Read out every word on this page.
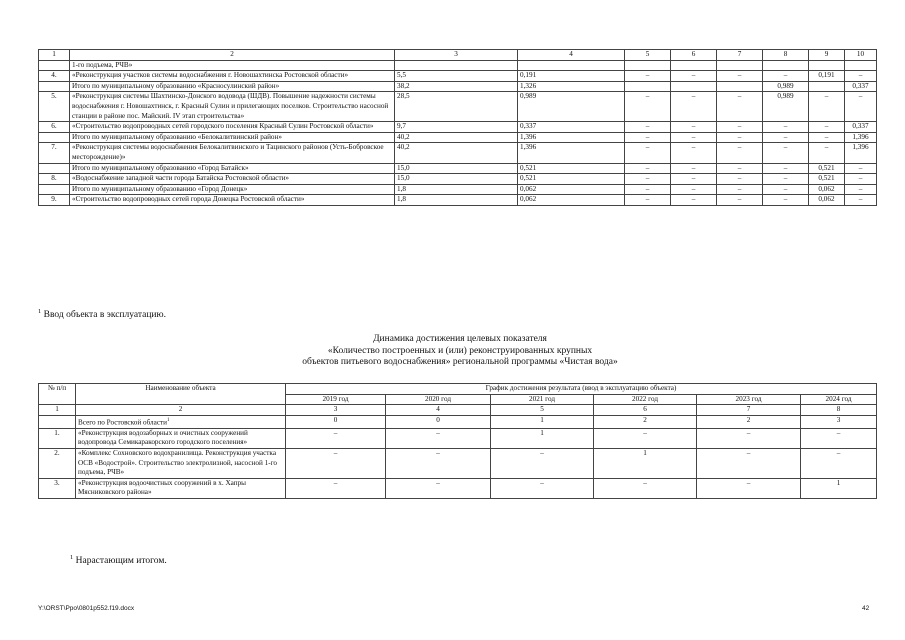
1	2	3	4	5	6	7	8	9	10
	1-го подъема, РЧВ»								
4.	«Реконструкция участков системы водоснабжения г. Новошахтинска Ростовской области»	5,5	0,191	–	–	–	–	0,191	–
	Итого по муниципальному образованию «Красносулинский район»	38,2	1,326				0,989		0,337
5.	«Реконструкция системы Шахтинско-Донского водовода (ШДВ). Повышение надежности системы водоснабжения г. Новошахтинск, г. Красный Сулин и прилегающих поселков. Строительство насосной станции в районе пос. Майский. IV этап строительства»	28,5	0,989	–	–	–	0,989	–	–
6.	«Строительство водопроводных сетей городского поселения Красный Сулин Ростовской области»	9,7	0,337	–	–	–	–	–	0,337
	Итого по муниципальному образованию «Белокалитвинский район»	40,2	1,396	–	–	–	–	–	1,396
7.	«Реконструкция системы водоснабжения Белокалитвинского и Тацинского районов (Усть-Бобровское месторождение)»	40,2	1,396	–	–	–	–	–	1,396
	Итого по муниципальному образованию «Город Батайск»	15,0	0,521	–	–	–	–	0,521	–
8.	«Водоснабжение западной части города Батайска Ростовской области»	15,0	0,521	–	–	–	–	0,521	–
	Итого по муниципальному образованию «Город Донецк»	1,8	0,062	–	–	–	–	0,062	–
9.	«Строительство водопроводных сетей города Донецка Ростовской области»	1,8	0,062	–	–	–	–	0,062	–
$^1$ Ввод объекта в эксплуатацию.
Динамика достижения целевых показателя
«Количество построенных и (или) реконструированных крупных
объектов питьевого водоснабжения» региональной программы «Чистая вода»
№ п/п	Наименование объекта	График достижения результата (ввод в эксплуатацию объекта)					
		2019 год	2020 год	2021 год	2022 год	2023 год	2024 год
1	2	3	4	5	6	7	8
	Всего по Ростовской области$^1$	0	0	1	2	2	3
1.	«Реконструкция водозаборных и очистных сооружений водопровода Семикаракорского городского поселения»	–	–	1	–	–	–
2.	«Комплекс Сохновского водохранилища. Реконструкция участка ОСВ «Водострой». Строительство электролизной, насосной 1-го подъема, РЧВ»	–	–	–	1	–	–
3.	«Реконструкция водоочистных сооружений в х. Хапры Мясниковского района»	–	–	–	–	–	1
$^1$ Нарастающим итогом.
Y:\ORST\Ppo\0801p552.f19.docx	42
